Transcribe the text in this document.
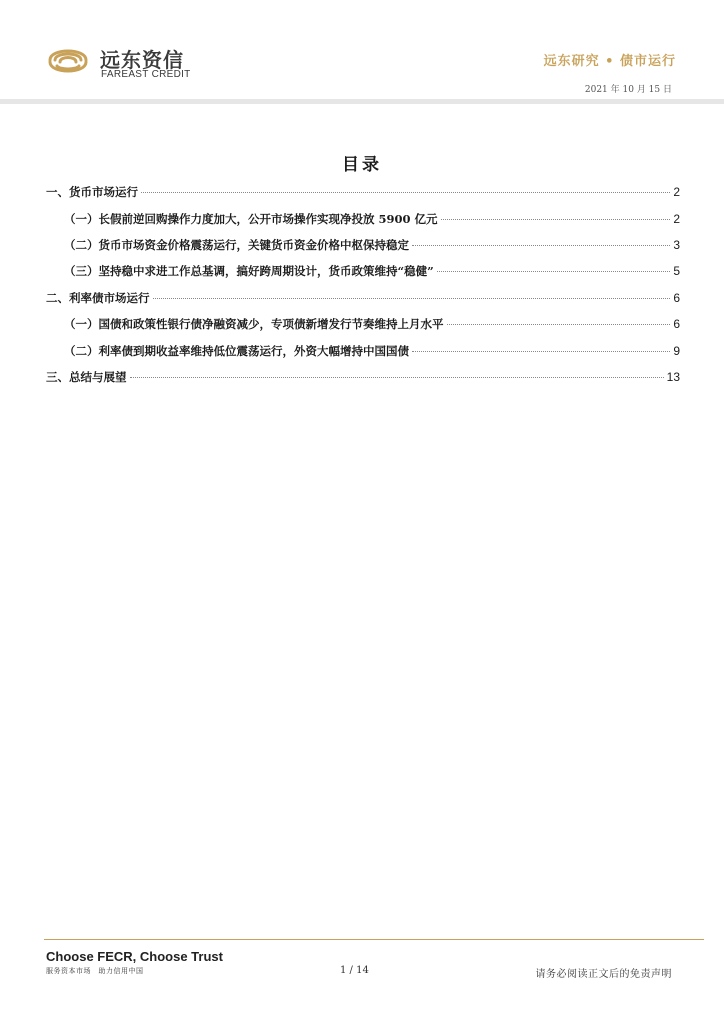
远东资信
FAREAST CREDIT
远东研究 • 债市运行
2021 年 10 月 15 日
目录
一、货币市场运行	2
（一）长假前逆回购操作力度加大，公开市场操作实现净投放 5900 亿元	2
（二）货币市场资金价格震荡运行，关键货币资金价格中枢保持稳定	3
（三）坚持稳中求进工作总基调，搞好跨周期设计，货币政策维持“稳健”	5
二、利率债市场运行	6
（一）国债和政策性银行债净融资减少，专项债新增发行节奏维持上月水平	6
（二）利率债到期收益率维持低位震荡运行，外资大幅增持中国国债	9
三、总结与展望	13
Choose FECR, Choose Trust
服务资本市场　助力信用中国	1 / 14	请务必阅读正文后的免责声明
